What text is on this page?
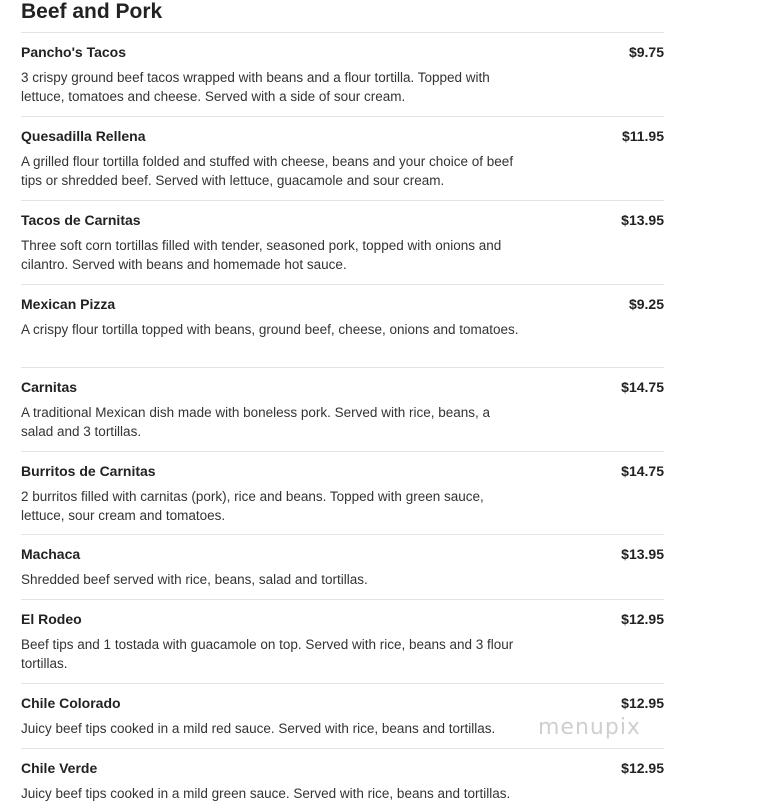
Beef and Pork
Pancho's Tacos	$9.75
3 crispy ground beef tacos wrapped with beans and a flour tortilla. Topped with lettuce, tomatoes and cheese. Served with a side of sour cream.
Quesadilla Rellena	$11.95
A grilled flour tortilla folded and stuffed with cheese, beans and your choice of beef tips or shredded beef. Served with lettuce, guacamole and sour cream.
Tacos de Carnitas	$13.95
Three soft corn tortillas filled with tender, seasoned pork, topped with onions and cilantro. Served with beans and homemade hot sauce.
Mexican Pizza	$9.25
A crispy flour tortilla topped with beans, ground beef, cheese, onions and tomatoes.
Carnitas	$14.75
A traditional Mexican dish made with boneless pork. Served with rice, beans, a salad and 3 tortillas.
Burritos de Carnitas	$14.75
2 burritos filled with carnitas (pork), rice and beans. Topped with green sauce, lettuce, sour cream and tomatoes.
Machaca	$13.95
Shredded beef served with rice, beans, salad and tortillas.
El Rodeo	$12.95
Beef tips and 1 tostada with guacamole on top. Served with rice, beans and 3 flour tortillas.
Chile Colorado	$12.95
Juicy beef tips cooked in a mild red sauce. Served with rice, beans and tortillas.
Chile Verde	$12.95
Juicy beef tips cooked in a mild green sauce. Served with rice, beans and tortillas.
menupix
